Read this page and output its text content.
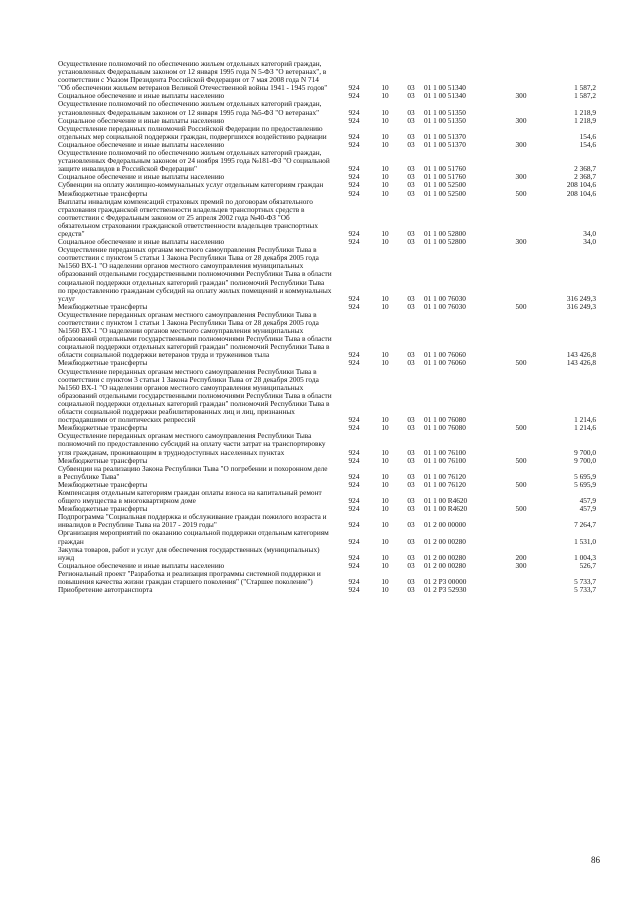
Осуществление полномочий по обеспечению жильем отдельных категорий граждан, установленных Федеральным законом от 12 января 1995 года N 5-ФЗ "О ветеранах", в соответствии с Указом Президента Российской Федерации от 7 мая 2008 года N 714 "Об обеспечении жильем ветеранов Великой Отечественной войны 1941 - 1945 годов"	924	10	03	01 1 00 51340	1 587,2
Социальное обеспечение и иные выплаты населению	924	10	03	01 1 00 51340	300	1 587,2
Осуществление полномочий по обеспечению жильем отдельных категорий граждан, установленных Федеральным законом от 12 января 1995 года №5-ФЗ "О ветеранах"	924	10	03	01 1 00 51350	1 218,9
Социальное обеспечение и иные выплаты населению	924	10	03	01 1 00 51350	300	1 218,9
Осуществление переданных полномочий Российской Федерации по предоставлению отдельных мер социальной поддержки граждан, подвергшихся воздействию радиации	924	10	03	01 1 00 51370	154,6
Социальное обеспечение и иные выплаты населению	924	10	03	01 1 00 51370	300	154,6
Осуществление полномочий по обеспечению жильем отдельных категорий граждан, установленных Федеральным законом от 24 ноября 1995 года №181-ФЗ "О социальной защите инвалидов в Российской Федерации"	924	10	03	01 1 00 51760	2 368,7
Социальное обеспечение и иные выплаты населению	924	10	03	01 1 00 51760	300	2 368,7
Субвенции на оплату жилищно-коммунальных услуг отдельным категориям граждан	924	10	03	01 1 00 52500	208 104,6
Межбюджетные трансферты	924	10	03	01 1 00 52500	500	208 104,6
Выплаты инвалидам компенсаций страховых премий по договорам обязательного страхования гражданской ответственности владельцев транспортных средств в соответствии с Федеральным законом от 25 апреля 2002 года №40-ФЗ "Об обязательном страховании гражданской ответственности владельцев транспортных средств"	924	10	03	01 1 00 52800	34,0
Социальное обеспечение и иные выплаты населению	924	10	03	01 1 00 52800	300	34,0
Осуществление переданных органам местного самоуправления Республики Тыва в соответствии с пунктом 5 статьи 1 Закона Республики Тыва от 28 декабря 2005 года №1560 ВХ-1 "О наделении органов местного самоуправления муниципальных образований отдельными государственными полномочиями Республики Тыва в области социальной поддержки отдельных категорий граждан" полномочий Республики Тыва по предоставлению гражданам субсидий на оплату жилых помещений и коммунальных услуг	924	10	03	01 1 00 76030	316 249,3
Межбюджетные трансферты	924	10	03	01 1 00 76030	500	316 249,3
Осуществление переданных органам местного самоуправления Республики Тыва в соответствии с пунктом 1 статьи 1 Закона Республики Тыва от 28 декабря 2005 года №1560 ВХ-1 "О наделении органов местного самоуправления муниципальных образований отдельными государственными полномочиями Республики Тыва в области социальной поддержки отдельных категорий граждан" полномочий Республики Тыва в области социальной поддержки ветеранов труда и тружеников тыла	924	10	03	01 1 00 76060	143 426,8
Межбюджетные трансферты	924	10	03	01 1 00 76060	500	143 426,8
Осуществление переданных органам местного самоуправления Республики Тыва в соответствии с пунктом 3 статьи 1 Закона Республики Тыва от 28 декабря 2005 года №1560 ВХ-1 "О наделении органов местного самоуправления муниципальных образований отдельными государственными полномочиями Республики Тыва в области социальной поддержки отдельных категорий граждан" полномочий Республики Тыва в области социальной поддержки реабилитированных лиц и лиц, признанных пострадавшими от политических репрессий	924	10	03	01 1 00 76080	1 214,6
Межбюджетные трансферты	924	10	03	01 1 00 76080	500	1 214,6
Осуществление переданных органам местного самоуправления Республики Тыва полномочий по предоставлению субсидий на оплату части затрат на транспортировку угля гражданам, проживающим в труднодоступных населенных пунктах	924	10	03	01 1 00 76100	9 700,0
Межбюджетные трансферты	924	10	03	01 1 00 76100	500	9 700,0
Субвенции на реализацию Закона Республики Тыва "О погребении и похоронном деле в Республике Тыва"	924	10	03	01 1 00 76120	5 695,9
Межбюджетные трансферты	924	10	03	01 1 00 76120	500	5 695,9
Компенсация отдельным категориям граждан оплаты взноса на капитальный ремонт общего имущества в многоквартирном доме	924	10	03	01 1 00 R4620	457,9
Межбюджетные трансферты	924	10	03	01 1 00 R4620	500	457,9
Подпрограмма "Социальная поддержка и обслуживание граждан пожилого возраста и инвалидов в Республике Тыва на 2017 - 2019 годы"	924	10	03	01 2 00 00000	7 264,7
Организация мероприятий по оказанию социальной поддержки отдельным категориям граждан	924	10	03	01 2 00 00280	1 531,0
Закупка товаров, работ и услуг для обеспечения государственных (муниципальных) нужд	924	10	03	01 2 00 00280	200	1 004,3
Социальное обеспечение и иные выплаты населению	924	10	03	01 2 00 00280	300	526,7
Региональный проект "Разработка и реализация программы системной поддержки и повышения качества жизни граждан старшего поколения" ("Старшее поколение")	924	10	03	01 2 P3 00000	5 733,7
Приобретение автотранспорта	924	10	03	01 2 P3 52930	5 733,7
86
